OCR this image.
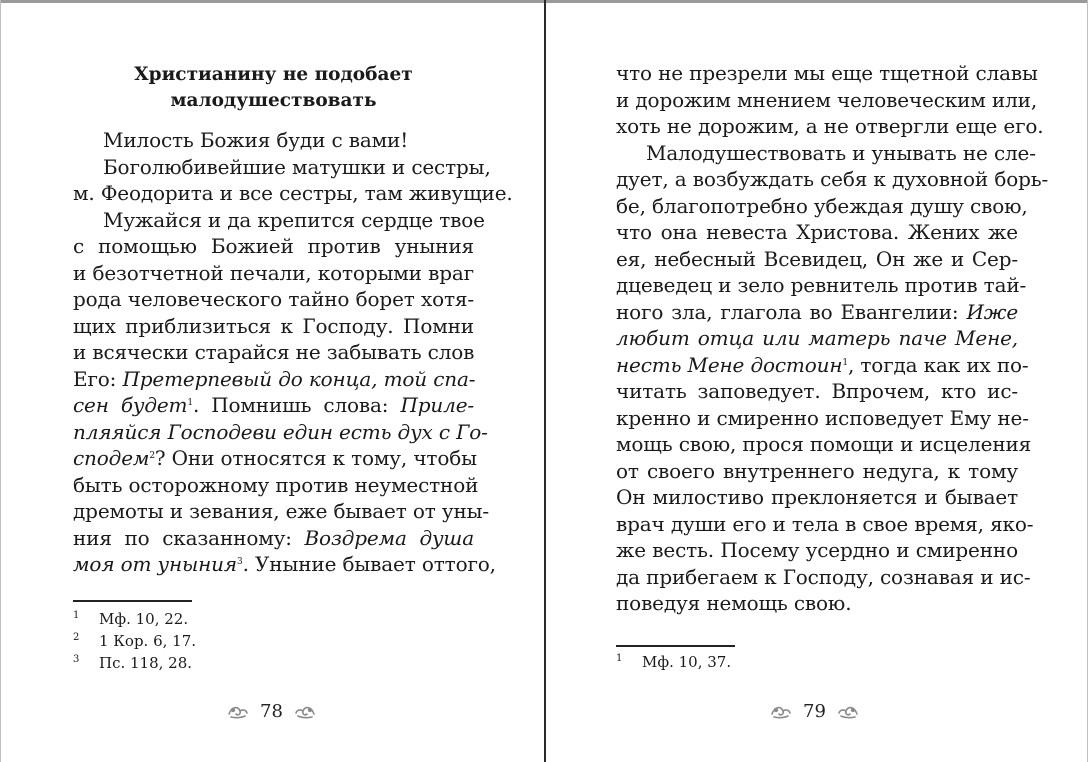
Христианину не подобает
малодушествовать
Милость Божия буди с вами!
Боголюбивейшие матушки и сестры,
м. Феодорита и все сестры, там живущие.
Мужайся и да крепится сердце твое
с помощью Божией против уныния
и безотчетной печали, которыми враг
рода человеческого тайно борет хотя-
щих приблизиться к Господу. Помни
и всячески старайся не забывать слов
Его: Претерпевый до конца, той спа-
сен будет$^1$. Помнишь слова: Приле-
пляяйся Господеви един есть дух с Го-
сподем$^2$? Они относятся к тому, чтобы
быть осторожному против неуместной
дремоты и зевания, еже бывает от уны-
ния по сказанному: Воздрема душа
моя от уныния$^3$. Уныние бывает оттого,
1 Мф. 10, 22.
2 1 Кор. 6, 17.
3 Пс. 118, 28.
78
что не презрели мы еще тщетной славы
и дорожим мнением человеческим или,
хоть не дорожим, а не отвергли еще его.
Малодушествовать и унывать не сле-
дует, а возбуждать себя к духовной борь-
бе, благопотребно убеждая душу свою,
что она невеста Христова. Жених же
ея, небесный Всевидец, Он же и Сер-
дцеведец и зело ревнитель против тай-
ного зла, глагола во Евангелии: Иже
любит отца или матерь паче Мене,
несть Мене достоин$^1$, тогда как их по-
читать заповедует. Впрочем, кто ис-
кренно и смиренно исповедует Ему не-
мощь свою, прося помощи и исцеления
от своего внутреннего недуга, к тому
Он милостиво преклоняется и бывает
врач души его и тела в свое время, яко-
же весть. Посему усердно и смиренно
да прибегаем к Господу, сознавая и ис-
поведуя немощь свою.
1 Мф. 10, 37.
79
